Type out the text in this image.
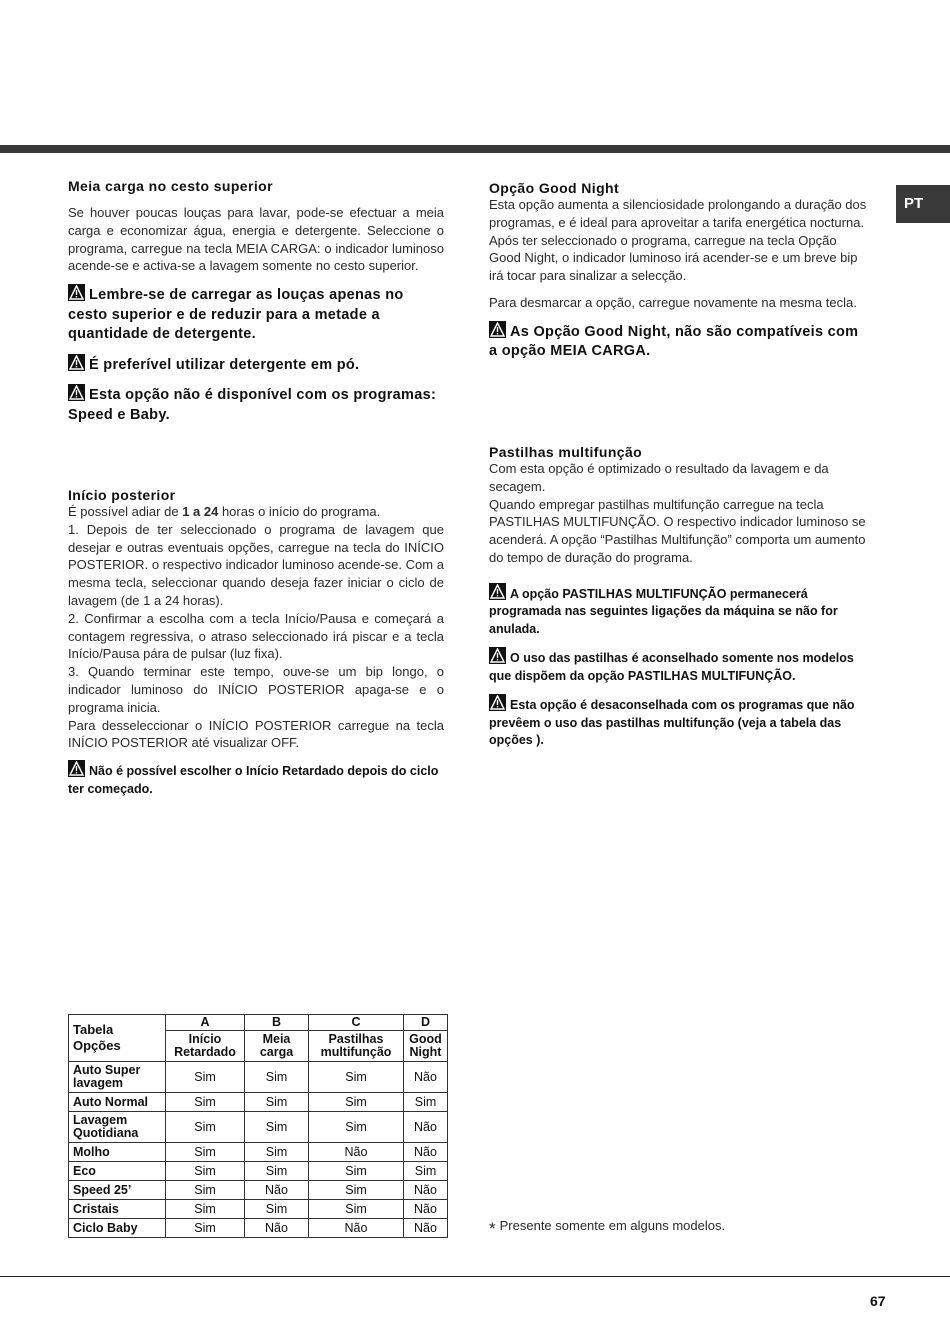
PT
Meia carga no cesto superior

Se houver poucas louças para lavar, pode-se efectuar a meia carga e economizar água, energia e detergente. Seleccione o programa, carregue na tecla MEIA CARGA: o indicador luminoso acende-se e activa-se a lavagem somente no cesto superior.

Lembre-se de carregar as louças apenas no cesto superior e de reduzir para a metade a quantidade de detergente.

É preferível utilizar detergente em pó.

Esta opção não é disponível com os programas: Speed e Baby.

Início posterior

É possível adiar de 1 a 24 horas o início do programa.

1. Depois de ter seleccionado o programa de lavagem que desejar e outras eventuais opções, carregue na tecla do INÍCIO POSTERIOR. o respectivo indicador luminoso acende-se. Com a mesma tecla, seleccionar quando deseja fazer iniciar o ciclo de lavagem (de 1 a 24 horas).

2. Confirmar a escolha com a tecla Início/Pausa e começará a contagem regressiva, o atraso seleccionado irá piscar e a tecla Início/Pausa pára de pulsar (luz fixa).

3. Quando terminar este tempo, ouve-se um bip longo, o indicador luminoso do INÍCIO POSTERIOR apaga-se e o programa inicia.

Para desseleccionar o INÍCIO POSTERIOR carregue na tecla INÍCIO POSTERIOR até visualizar OFF.

Não é possível escolher o Início Retardado depois do ciclo ter começado.

Opção Good Night

Esta opção aumenta a silenciosidade prolongando a duração dos programas, e é ideal para aproveitar a tarifa energética nocturna.

Após ter seleccionado o programa, carregue na tecla Opção Good Night, o indicador luminoso irá acender-se e um breve bip irá tocar para sinalizar a selecção.

Para desmarcar a opção, carregue novamente na mesma tecla.

As Opção Good Night, não são compatíveis com a opção MEIA CARGA.

Pastilhas multifunção

Com esta opção é optimizado o resultado da lavagem e da secagem.

Quando empregar pastilhas multifunção carregue na tecla PASTILHAS MULTIFUNÇÃO. O respectivo indicador luminoso se acenderá. A opção “Pastilhas Multifunção” comporta um aumento do tempo de duração do programa.

A opção PASTILHAS MULTIFUNÇÃO permanecerá programada nas seguintes ligações da máquina se não for anulada.

O uso das pastilhas é aconselhado somente nos modelos que dispõem da opção PASTILHAS MULTIFUNÇÃO.

Esta opção é desaconselhada com os programas que não prevêem o uso das pastilhas multifunção (veja a tabela das opções ).

Tabela Opções	A	B	C	D
	Início Retardado	Meia carga	Pastilhas multifunção	Good Night
Auto Super lavagem	Sim	Sim	Sim	Não
Auto Normal	Sim	Sim	Sim	Sim
Lavagem Quotidiana	Sim	Sim	Sim	Não
Molho	Sim	Sim	Não	Não
Eco	Sim	Sim	Sim	Sim
Speed 25’	Sim	Não	Sim	Não
Cristais	Sim	Sim	Sim	Não
Ciclo Baby	Sim	Não	Não	Não	* Presente somente em alguns modelos.
67
